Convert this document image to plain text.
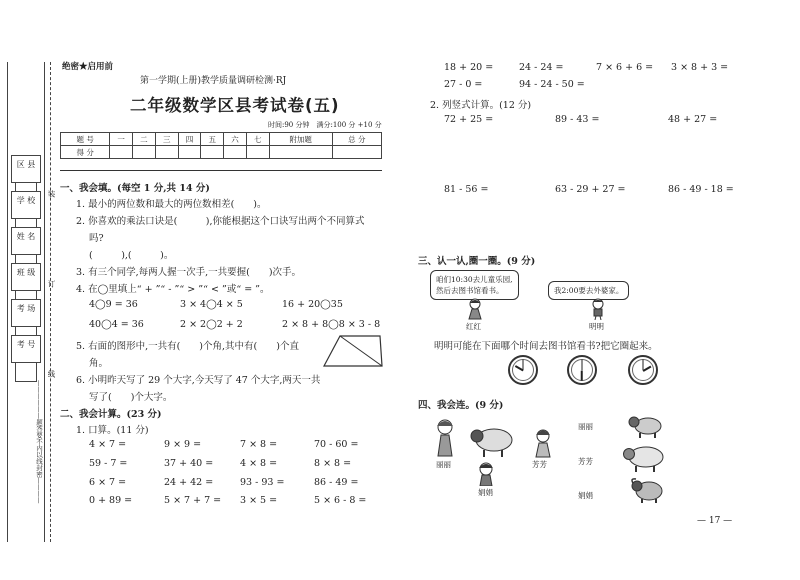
区 县
学 校
姓 名
班 级
考 场
考 号
装
订
线
——————题答要不内以线封密————
绝密★启用前
第一学期(上册)教学质量调研检测·RJ
二年级数学区县考试卷(五)
时间:90 分钟　满分:100 分 +10 分
题 号	一	二	三	四	五	六	七	附加题	总 分
得 分									
一、我会填。(每空 1 分,共 14 分)
1. 最小的两位数和最大的两位数相差(　　)。
2. 你喜欢的乘法口诀是(　　　),你能根据这个口诀写出两个不同算式
吗?
(　　　),(　　　)。
3. 有三个同学,每两人握一次手,一共要握(　　)次手。
4. 在◯里填上“ + ”“ - ”“ > ”“ < ”或“ = ”。
4◯9 = 36	3 × 4◯4 × 5	16 + 20◯35
40◯4 = 36	2 × 2◯2 + 2	2 × 8 + 8◯8 × 3 - 8
5. 右面的图形中,一共有(　　)个角,其中有(　　)个直
角。
6. 小明昨天写了 29 个大字,今天写了 47 个大字,两天一共
写了(　　)个大字。
二、我会计算。(23 分)
1. 口算。(11 分)
4 × 7 =	9 × 9 =	7 × 8 =	70 - 60 =
59 - 7 =	37 + 40 =	4 × 8 =	8 × 8 =
6 × 7 =	24 + 42 =	93 - 93 =	86 - 49 =
0 + 89 =	5 × 7 + 7 = 3 × 5 =	5 × 6 - 8 =
18 + 20 =	24 - 24 =	7 × 6 + 6 = 3 × 8 + 3 =
27 - 0 =	94 - 24 - 50 =
2. 列竖式计算。(12 分)
72 + 25 =	89 - 43 =	48 + 27 =
81 - 56 =	63 - 29 + 27 =	86 - 49 - 18 =
三、认一认,圈一圈。(9 分)
咱们10:30去儿童乐园,
然后去图书馆看书。	我2:00要去外婆家。
红红	明明
明明可能在下面哪个时间去图书馆看书?把它圈起来。
四、我会连。(9 分)
丽丽	芳芳
娟娟
丽丽
芳芳
娟娟
— 17 —
